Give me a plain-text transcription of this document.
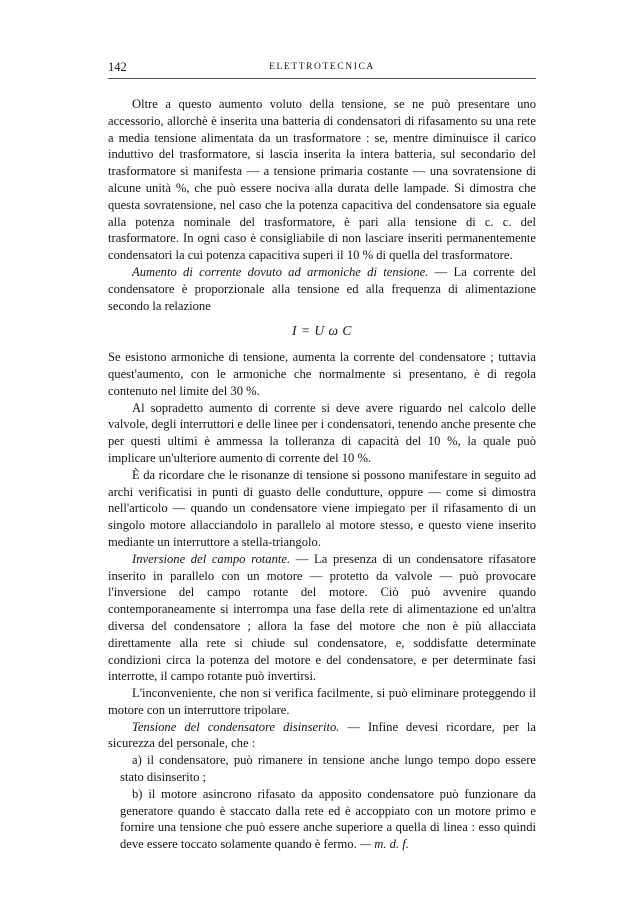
142	ELETTROTECNICA

Oltre a questo aumento voluto della tensione, se ne può presentare uno accessorio, allorchè è inserita una batteria di condensatori di rifasamento su una rete a media tensione alimentata da un trasformatore : se, mentre diminuisce il carico induttivo del trasformatore, si lascia inserita la intera batteria, sul secondario del trasformatore si manifesta — a tensione primaria costante — una sovratensione di alcune unità %, che può essere nociva alla durata delle lampade. Si dimostra che questa sovratensione, nel caso che la potenza capacitiva del condensatore sia eguale alla potenza nominale del trasformatore, è pari alla tensione di c. c. del trasformatore. In ogni caso è consigliabile di non lasciare inseriti permanentemente condensatori la cui potenza capacitiva superi il 10 % di quella del trasformatore.

Aumento di corrente dovuto ad armoniche di tensione. — La corrente del condensatore è proporzionale alla tensione ed alla frequenza di alimentazione secondo la relazione

I = U ω C

Se esistono armoniche di tensione, aumenta la corrente del condensatore ; tuttavia quest'aumento, con le armoniche che normalmente si presentano, è di regola contenuto nel limite del 30 %.

Al sopradetto aumento di corrente si deve avere riguardo nel calcolo delle valvole, degli interruttori e delle linee per i condensatori, tenendo anche presente che per questi ultimi è ammessa la tolleranza di capacità del 10 %, la quale può implicare un'ulteriore aumento di corrente del 10 %.

È da ricordare che le risonanze di tensione si possono manifestare in seguito ad archi verificatisi in punti di guasto delle condutture, oppure — come si dimostra nell'articolo — quando un condensatore viene impiegato per il rifasamento di un singolo motore allacciandolo in parallelo al motore stesso, e questo viene inserito mediante un interruttore a stella-triangolo.

Inversione del campo rotante. — La presenza di un condensatore rifasatore inserito in parallelo con un motore — protetto da valvole — può provocare l'inversione del campo rotante del motore. Ciò può avvenire quando contemporaneamente si interrompa una fase della rete di alimentazione ed un'altra diversa del condensatore ; allora la fase del motore che non è più allacciata direttamente alla rete si chiude sul condensatore, e, soddisfatte determinate condizioni circa la potenza del motore e del condensatore, e per determinate fasi interrotte, il campo rotante può invertirsi.

L'inconveniente, che non si verifica facilmente, si può eliminare proteggendo il motore con un interruttore tripolare.

Tensione del condensatore disinserito. — Infine devesi ricordare, per la sicurezza del personale, che :

a) il condensatore, può rimanere in tensione anche lungo tempo dopo essere stato disinserito ;

b) il motore asincrono rifasato da apposito condensatore può funzionare da generatore quando è staccato dalla rete ed è accoppiato con un motore primo e fornire una tensione che può essere anche superiore a quella di linea : esso quindi deve essere toccato solamente quando è fermo. — m. d. f.
